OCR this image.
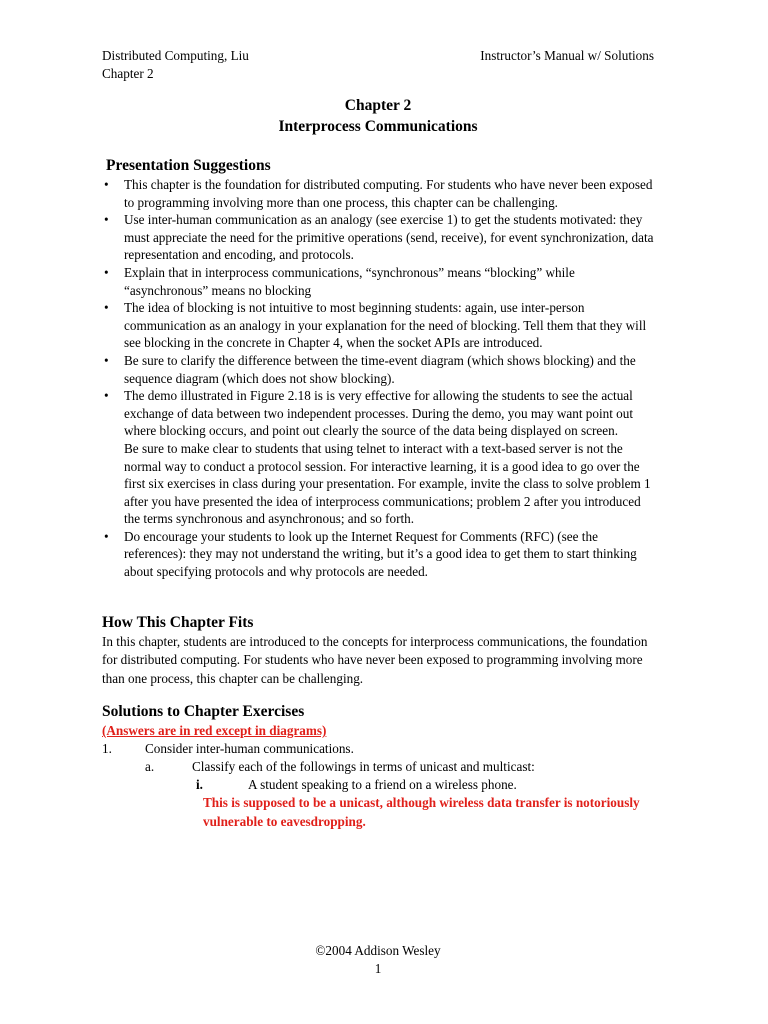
Distributed Computing, Liu	Instructor’s Manual w/ Solutions
Chapter 2
Chapter 2
Interprocess Communications
Presentation Suggestions
• This chapter is the foundation for distributed computing. For students who have never been exposed to programming involving more than one process, this chapter can be challenging.
• Use inter-human communication as an analogy (see exercise 1) to get the students motivated: they must appreciate the need for the primitive operations (send, receive), for event synchronization, data representation and encoding, and protocols.
• Explain that in interprocess communications, “synchronous” means “blocking” while “asynchronous” means no blocking
• The idea of blocking is not intuitive to most beginning students: again, use inter-person communication as an analogy in your explanation for the need of blocking. Tell them that they will see blocking in the concrete in Chapter 4, when the socket APIs are introduced.
• Be sure to clarify the difference between the time-event diagram (which shows blocking) and the sequence diagram (which does not show blocking).
• The demo illustrated in Figure 2.18 is is very effective for allowing the students to see the actual exchange of data between two independent processes. During the demo, you may want point out where blocking occurs, and point out clearly the source of the data being displayed on screen.
Be sure to make clear to students that using telnet to interact with a text-based server is not the normal way to conduct a protocol session. For interactive learning, it is a good idea to go over the first six exercises in class during your presentation. For example, invite the class to solve problem 1 after you have presented the idea of interprocess communications; problem 2 after you introduced the terms synchronous and asynchronous; and so forth.
• Do encourage your students to look up the Internet Request for Comments (RFC) (see the references): they may not understand the writing, but it’s a good idea to get them to start thinking about specifying protocols and why protocols are needed.
How This Chapter Fits

In this chapter, students are introduced to the concepts for interprocess communications, the foundation for distributed computing. For students who have never been exposed to programming involving more than one process, this chapter can be challenging.

Solutions to Chapter Exercises
(Answers are in red except in diagrams)
1.	Consider inter-human communications.
a.	Classify each of the followings in terms of unicast and multicast:
i.	A student speaking to a friend on a wireless phone.
This is supposed to be a unicast, although wireless data transfer is notoriously vulnerable to eavesdropping.
©2004 Addison Wesley
1
